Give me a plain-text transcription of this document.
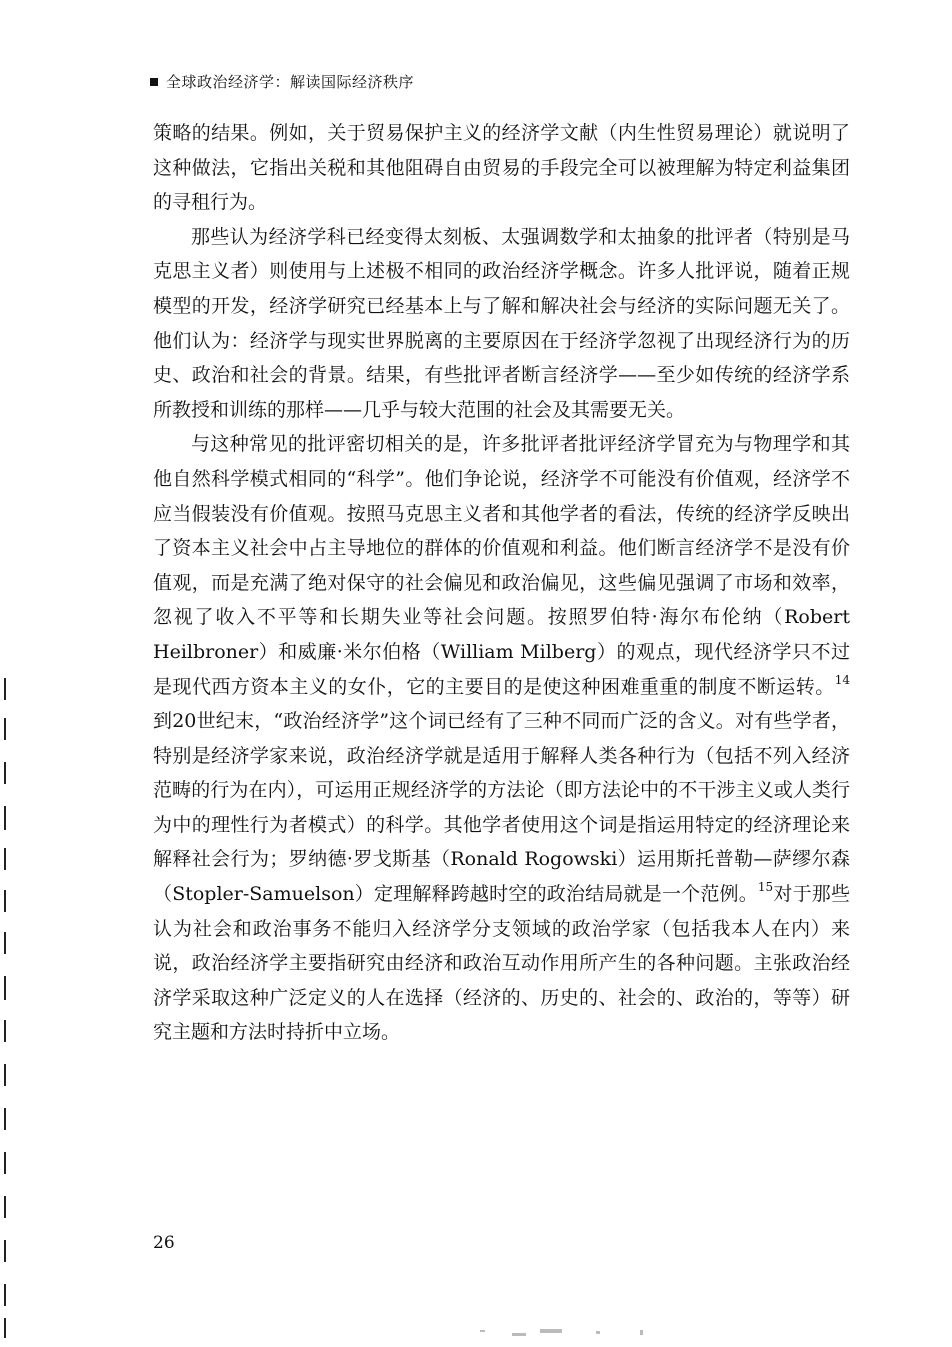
全球政治经济学：解读国际经济秩序

策略的结果。例如，关于贸易保护主义的经济学文献（内生性贸易理论）就说明了这种做法，它指出关税和其他阻碍自由贸易的手段完全可以被理解为特定利益集团的寻租行为。

那些认为经济学科已经变得太刻板、太强调数学和太抽象的批评者（特别是马克思主义者）则使用与上述极不相同的政治经济学概念。许多人批评说，随着正规模型的开发，经济学研究已经基本上与了解和解决社会与经济的实际问题无关了。他们认为：经济学与现实世界脱离的主要原因在于经济学忽视了出现经济行为的历史、政治和社会的背景。结果，有些批评者断言经济学——至少如传统的经济学系所教授和训练的那样——几乎与较大范围的社会及其需要无关。

与这种常见的批评密切相关的是，许多批评者批评经济学冒充为与物理学和其他自然科学模式相同的“科学”。他们争论说，经济学不可能没有价值观，经济学不应当假装没有价值观。按照马克思主义者和其他学者的看法，传统的经济学反映出了资本主义社会中占主导地位的群体的价值观和利益。他们断言经济学不是没有价值观，而是充满了绝对保守的社会偏见和政治偏见，这些偏见强调了市场和效率，忽视了收入不平等和长期失业等社会问题。按照罗伯特·海尔布伦纳（Robert Heilbroner）和威廉·米尔伯格（William Milberg）的观点，现代经济学只不过是现代西方资本主义的女仆，它的主要目的是使这种困难重重的制度不断运转。$^{14}$到20世纪末，“政治经济学”这个词已经有了三种不同而广泛的含义。对有些学者，特别是经济学家来说，政治经济学就是适用于解释人类各种行为（包括不列入经济范畴的行为在内），可运用正规经济学的方法论（即方法论中的不干涉主义或人类行为中的理性行为者模式）的科学。其他学者使用这个词是指运用特定的经济理论来解释社会行为；罗纳德·罗戈斯基（Ronald Rogowski）运用斯托普勒—萨缪尔森（Stopler-Samuelson）定理解释跨越时空的政治结局就是一个范例。$^{15}$对于那些认为社会和政治事务不能归入经济学分支领域的政治学家（包括我本人在内）来说，政治经济学主要指研究由经济和政治互动作用所产生的各种问题。主张政治经济学采取这种广泛定义的人在选择（经济的、历史的、社会的、政治的，等等）研究主题和方法时持折中立场。

26
